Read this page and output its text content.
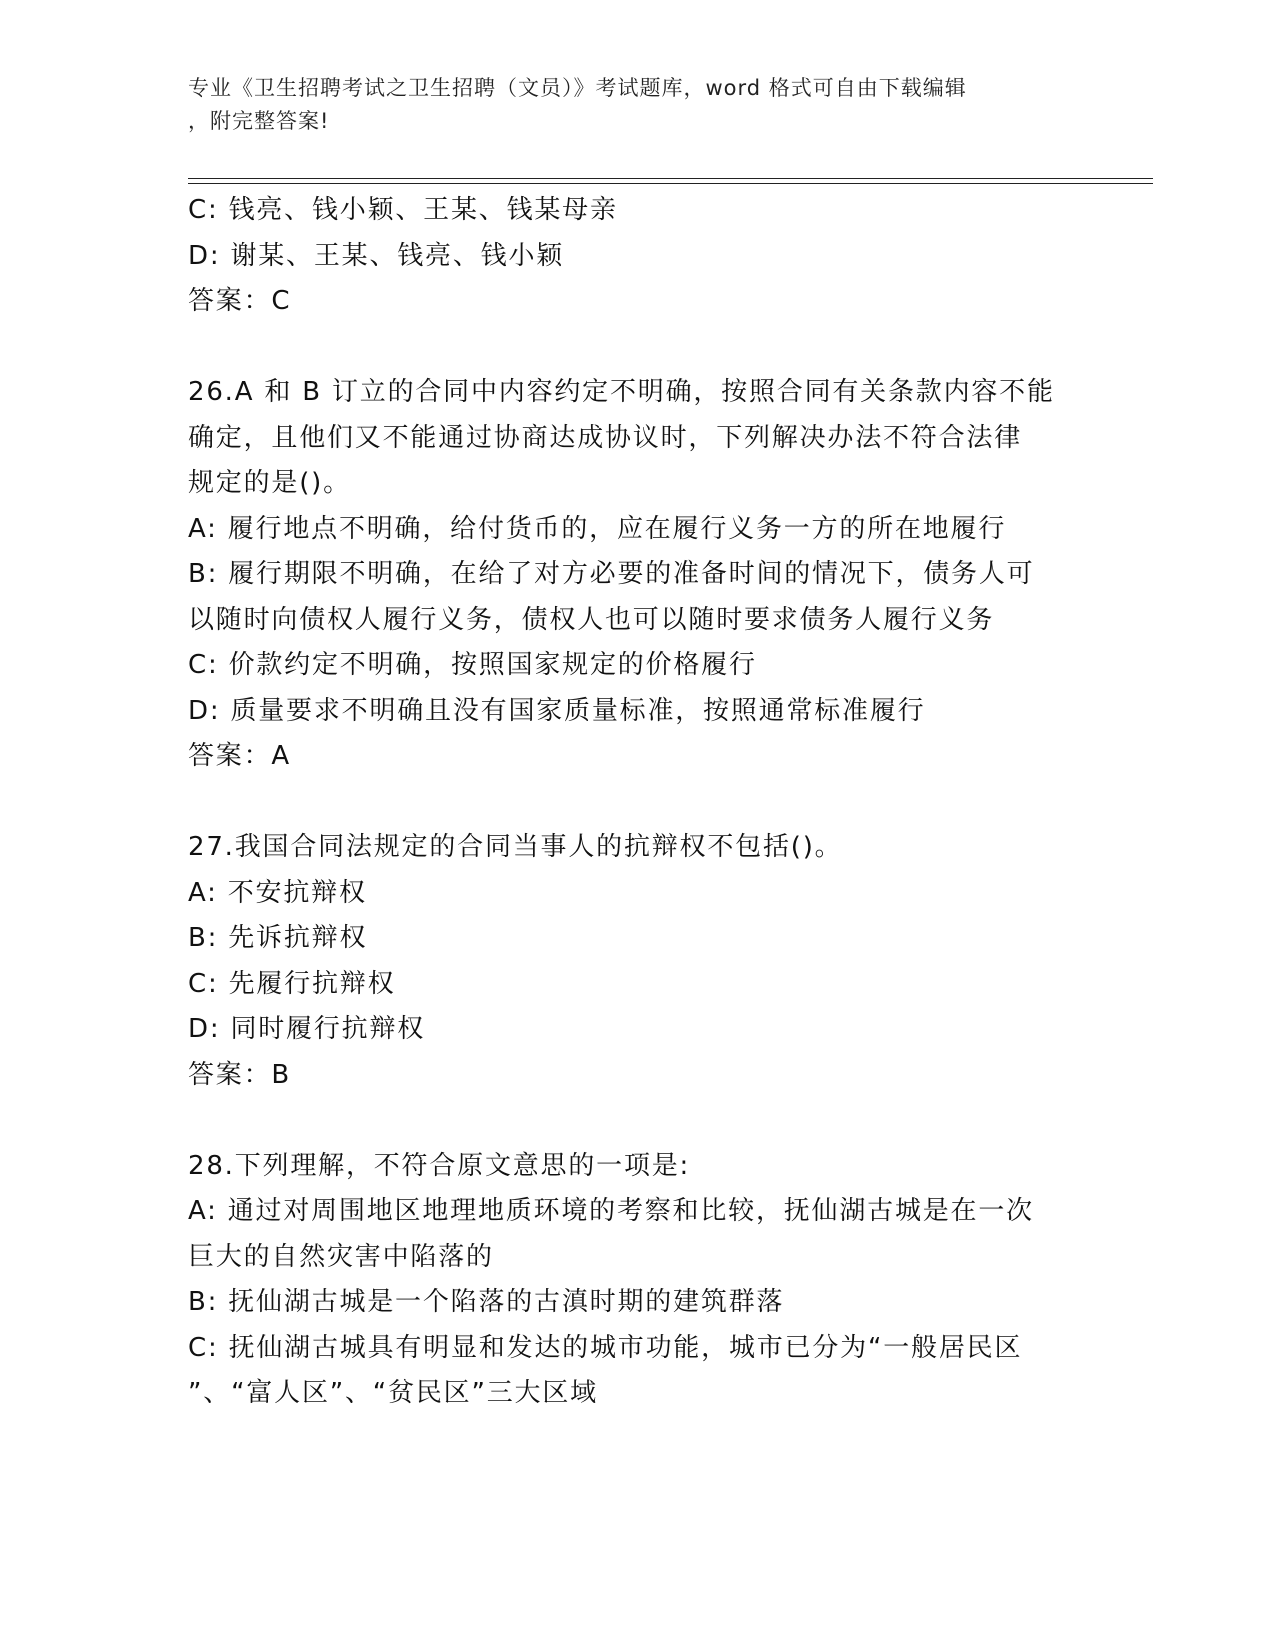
专业《卫生招聘考试之卫生招聘（文员）》考试题库，word 格式可自由下载编辑
，附完整答案!
C: 钱亮、钱小颖、王某、钱某母亲
D: 谢某、王某、钱亮、钱小颖
答案：C
26.A 和 B 订立的合同中内容约定不明确，按照合同有关条款内容不能
确定，且他们又不能通过协商达成协议时，下列解决办法不符合法律
规定的是()。
A: 履行地点不明确，给付货币的，应在履行义务一方的所在地履行
B: 履行期限不明确，在给了对方必要的准备时间的情况下，债务人可
以随时向债权人履行义务，债权人也可以随时要求债务人履行义务
C: 价款约定不明确，按照国家规定的价格履行
D: 质量要求不明确且没有国家质量标准，按照通常标准履行
答案：A
27.我国合同法规定的合同当事人的抗辩权不包括()。
A: 不安抗辩权
B: 先诉抗辩权
C: 先履行抗辩权
D: 同时履行抗辩权
答案：B
28.下列理解，不符合原文意思的一项是:
A: 通过对周围地区地理地质环境的考察和比较，抚仙湖古城是在一次
巨大的自然灾害中陷落的
B: 抚仙湖古城是一个陷落的古滇时期的建筑群落
C: 抚仙湖古城具有明显和发达的城市功能，城市已分为“一般居民区
”、“富人区”、“贫民区”三大区域
